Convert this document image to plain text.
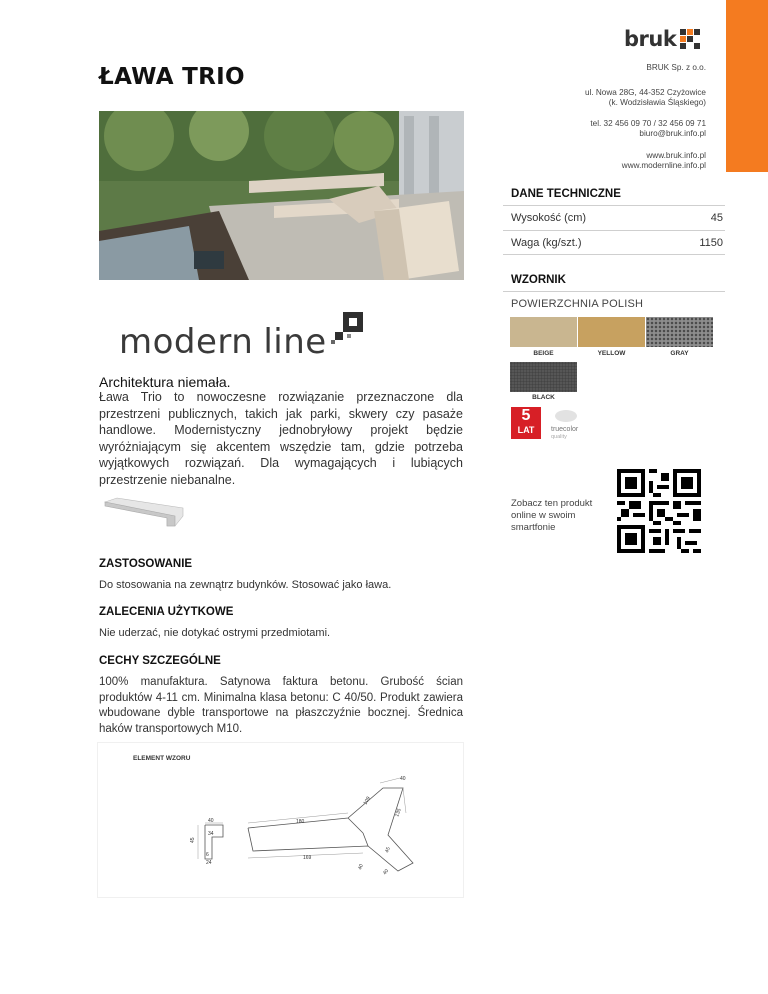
bruk
ŁAWA TRIO	BRUK Sp. z o.o.
ul. Nowa 28G, 44-352 Czyżowice
(k. Wodzisławia Śląskiego)
tel. 32 456 09 70 / 32 456 09 71
biuro@bruk.info.pl
www.bruk.info.pl
www.modernline.info.pl
DANE TECHNICZNE
Wysokość (cm)	45
Waga (kg/szt.)	1150
WZORNIK
POWIERZCHNIA POLISH
BEIGE	YELLOW	GRAY
BLACK
5
LAT	truecolor
quality
modern line
Architektura niemała.

Ława Trio to nowoczesne rozwiązanie przeznaczone dla przestrzeni publicznych, takich jak parki, skwery czy pasaże handlowe. Modernistyczny jednobryłowy projekt będzie wyróżniającym się akcentem wszędzie tam, gdzie potrzeba wyjątkowych rozwiązań. Dla wymagających i lubiących przestrzenie niebanalne.

Zobacz ten produkt online w swoim smartfonie
ZASTOSOWANIE
Do stosowania na zewnątrz budynków. Stosować jako ława.
ZALECENIA UŻYTKOWE
Nie uderzać, nie dotykać ostrymi przedmiotami.
CECHY SZCZEGÓLNE
100% manufaktura. Satynowa faktura betonu. Grubość ścian produktów 4-11 cm. Minimalna klasa betonu: C 40/50. Produkt zawiera wbudowane dyble transportowe na płaszczyźnie bocznej. Średnica haków transportowych M10.
ELEMENT WZORU
40
109
135
180
169
40
34
45
6
24
40
45
40
